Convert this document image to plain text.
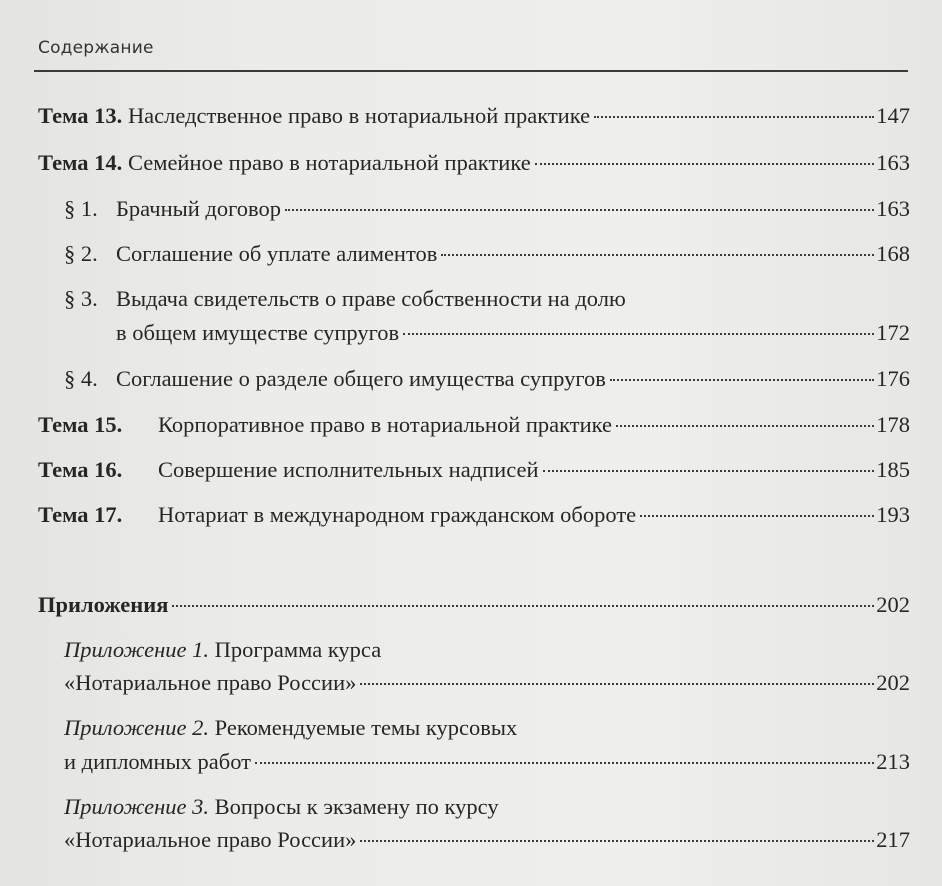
Содержание
Тема 13. Наследственное право в нотариальной практике	147
Тема 14. Семейное право в нотариальной практике	163
§ 1. Брачный договор	163
§ 2. Соглашение об уплате алиментов	168
§ 3. Выдача свидетельств о праве собственности на долю
в общем имуществе супругов	172
§ 4. Соглашение о разделе общего имущества супругов	176
Тема 15. Корпоративное право в нотариальной практике	178
Тема 16. Совершение исполнительных надписей	185
Тема 17. Нотариат в международном гражданском обороте	193
Приложения	202
Приложение 1. Программа курса
«Нотариальное право России»	202
Приложение 2. Рекомендуемые темы курсовых
и дипломных работ	213
Приложение 3. Вопросы к экзамену по курсу
«Нотариальное право России»	217
